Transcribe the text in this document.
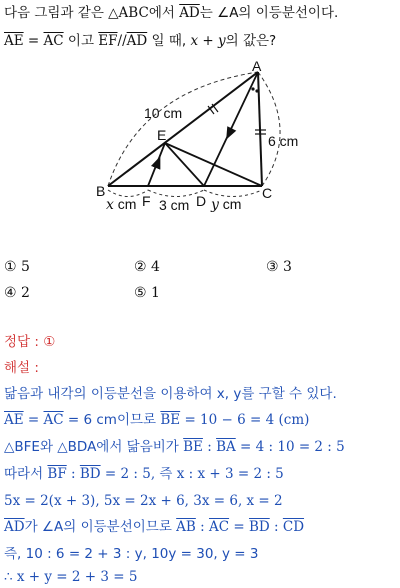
다음 그림과 같은 △ABC에서 $\overline{AD}$는 ∠A의 이등분선이다.
$\overline{AE} = \overline{AC}$ 이고 $\overline{EF}//\overline{AD}$ 일 때, x + y의 값은?
A
B	C
D
E
F
10 cm
6 cm
3 cm
x cm	y cm
① 5	② 4	③ 3
④ 2	⑤ 1
정답 : ①
해설 :
닮음과 내각의 이등분선을 이용하여 x, y를 구할 수 있다.
$\overline{AE} = \overline{AC} = 6$ cm이므로 $\overline{BE} = 10 - 6 = 4$ (cm)
△BFE와 △BDA에서 닮음비가 $\overline{BE}$ : $\overline{BA} = 4$ : 10 = 2 : 5
따라서 $\overline{BF}$ : $\overline{BD} = 2$ : 5, 즉 x : x + 3 = 2 : 5
5x = 2(x + 3), 5x = 2x + 6, 3x = 6, x = 2
$\overline{AD}$가 ∠A의 이등분선이므로 $\overline{AB}$ : $\overline{AC} = \overline{BD}$ : $\overline{CD}$
즉, 10 : 6 = 2 + 3 : y, 10y = 30, y = 3
∴ x + y = 2 + 3 = 5
